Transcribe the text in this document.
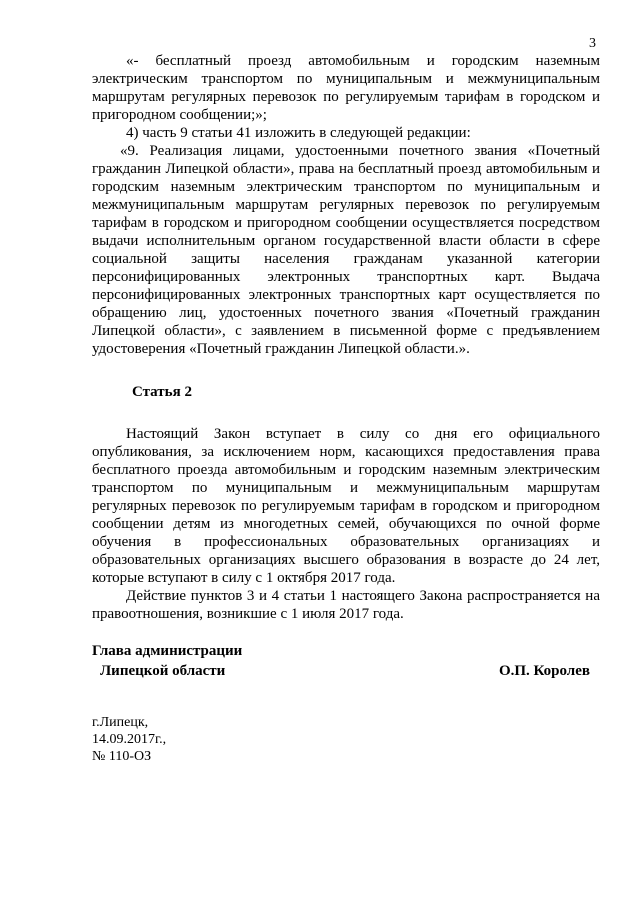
3

«- бесплатный проезд автомобильным и городским наземным электрическим транспортом по муниципальным и межмуниципальным маршрутам регулярных перевозок по регулируемым тарифам в городском и пригородном сообщении;»;

4) часть 9 статьи 41 изложить в следующей редакции:

«9. Реализация лицами, удостоенными почетного звания «Почетный гражданин Липецкой области», права на бесплатный проезд автомобильным и городским наземным электрическим транспортом по муниципальным и межмуниципальным маршрутам регулярных перевозок по регулируемым тарифам в городском и пригородном сообщении осуществляется посредством выдачи исполнительным органом государственной власти области в сфере социальной защиты населения гражданам указанной категории персонифицированных электронных транспортных карт. Выдача персонифицированных электронных транспортных карт осуществляется по обращению лиц, удостоенных почетного звания «Почетный гражданин Липецкой области», с заявлением в письменной форме с предъявлением удостоверения «Почетный гражданин Липецкой области.».

Статья 2

Настоящий Закон вступает в силу со дня его официального опубликования, за исключением норм, касающихся предоставления права бесплатного проезда автомобильным и городским наземным электрическим транспортом по муниципальным и межмуниципальным маршрутам регулярных перевозок по регулируемым тарифам в городском и пригородном сообщении детям из многодетных семей, обучающихся по очной форме обучения в профессиональных образовательных организациях и образовательных организациях высшего образования в возрасте до 24 лет, которые вступают в силу с 1 октября 2017 года.

Действие пунктов 3 и 4 статьи 1 настоящего Закона распространяется на правоотношения, возникшие с 1 июля 2017 года.

Глава администрации
Липецкой области	О.П. Королев
г.Липецк,
14.09.2017г.,
№ 110-ОЗ
